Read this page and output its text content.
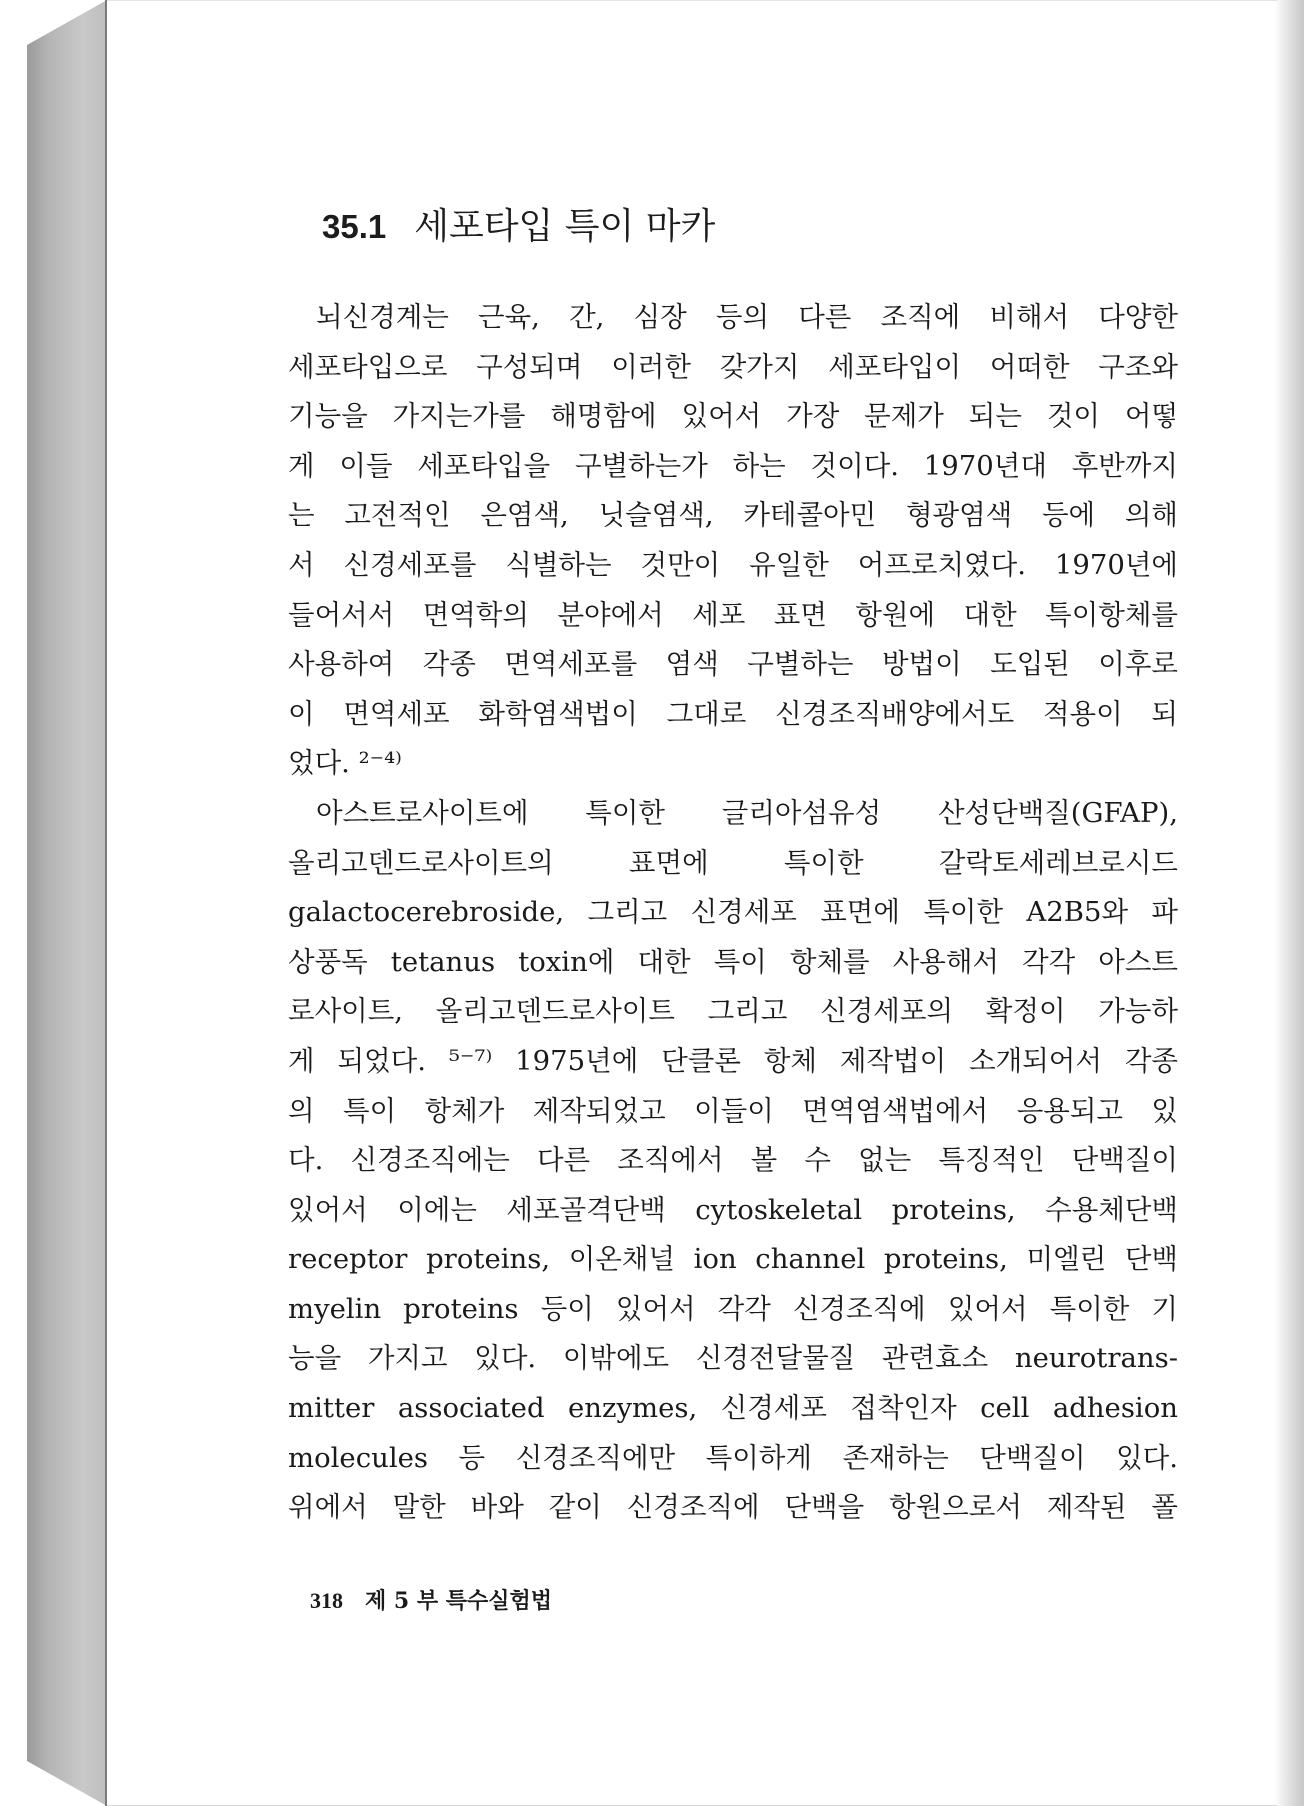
35.1 세포타입 특이 마카
뇌신경계는 근육, 간, 심장 등의 다른 조직에 비해서 다양한
세포타입으로 구성되며 이러한 갖가지 세포타입이 어떠한 구조와
기능을 가지는가를 해명함에 있어서 가장 문제가 되는 것이 어떻
게 이들 세포타입을 구별하는가 하는 것이다. 1970년대 후반까지
는 고전적인 은염색, 닛슬염색, 카테콜아민 형광염색 등에 의해
서 신경세포를 식별하는 것만이 유일한 어프로치였다. 1970년에
들어서서 면역학의 분야에서 세포 표면 항원에 대한 특이항체를
사용하여 각종 면역세포를 염색 구별하는 방법이 도입된 이후로
이 면역세포 화학염색법이 그대로 신경조직배양에서도 적용이 되
었다. ²⁻⁴⁾
아스트로사이트에 특이한 글리아섬유성 산성단백질(GFAP),
올리고덴드로사이트의 표면에 특이한 갈락토세레브로시드
galactocerebroside, 그리고 신경세포 표면에 특이한 A2B5와 파
상풍독 tetanus toxin에 대한 특이 항체를 사용해서 각각 아스트
로사이트, 올리고덴드로사이트 그리고 신경세포의 확정이 가능하
게 되었다. ⁵⁻⁷⁾ 1975년에 단클론 항체 제작법이 소개되어서 각종
의 특이 항체가 제작되었고 이들이 면역염색법에서 응용되고 있
다. 신경조직에는 다른 조직에서 볼 수 없는 특징적인 단백질이
있어서 이에는 세포골격단백 cytoskeletal proteins, 수용체단백
receptor proteins, 이온채널 ion channel proteins, 미엘린 단백
myelin proteins 등이 있어서 각각 신경조직에 있어서 특이한 기
능을 가지고 있다. 이밖에도 신경전달물질 관련효소 neurotrans-
mitter associated enzymes, 신경세포 접착인자 cell adhesion
molecules 등 신경조직에만 특이하게 존재하는 단백질이 있다.
위에서 말한 바와 같이 신경조직에 단백을 항원으로서 제작된 폴
318 제 5 부 특수실험법
